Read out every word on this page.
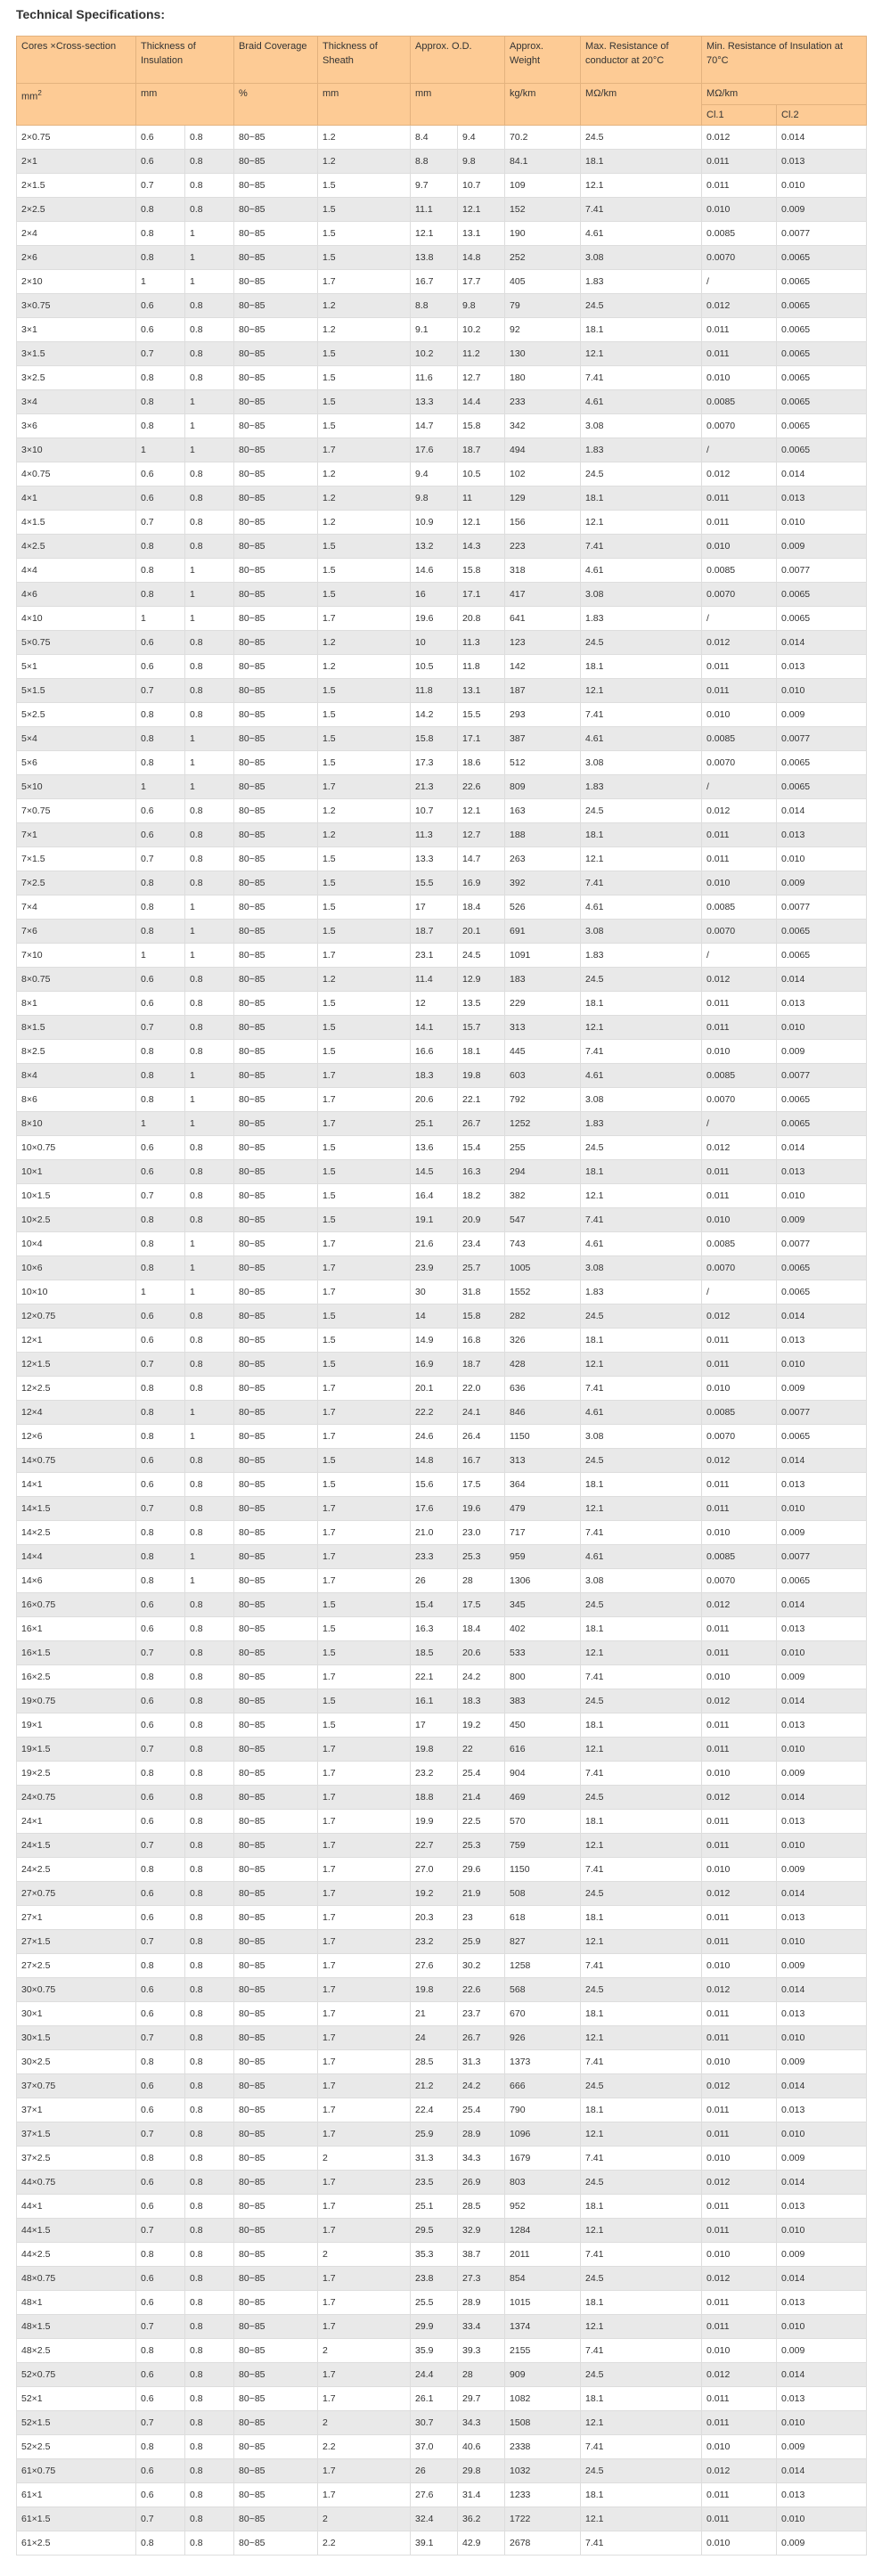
Technical Specifications:
Cores ×Cross-section	Thickness of Insulation		Braid Coverage	Thickness of Sheath	Approx. O.D.		Approx. Weight	Max. Resistance of conductor at 20°C	Min. Resistance of Insulation at 70°C	
$mm^2$	mm		%	mm	mm		kg/km	MΩ/km	MΩ/km	
									Cl.1	Cl.2
2×0.75	0.6	0.8	80~85	1.2	8.4	9.4	70.2	24.5	0.012	0.014
2×1	0.6	0.8	80~85	1.2	8.8	9.8	84.1	18.1	0.011	0.013
2×1.5	0.7	0.8	80~85	1.5	9.7	10.7	109	12.1	0.011	0.010
2×2.5	0.8	0.8	80~85	1.5	11.1	12.1	152	7.41	0.010	0.009
2×4	0.8	1	80~85	1.5	12.1	13.1	190	4.61	0.0085	0.0077
2×6	0.8	1	80~85	1.5	13.8	14.8	252	3.08	0.0070	0.0065
2×10	1	1	80~85	1.7	16.7	17.7	405	1.83	/	0.0065
3×0.75	0.6	0.8	80~85	1.2	8.8	9.8	79	24.5	0.012	0.0065
3×1	0.6	0.8	80~85	1.2	9.1	10.2	92	18.1	0.011	0.0065
3×1.5	0.7	0.8	80~85	1.5	10.2	11.2	130	12.1	0.011	0.0065
3×2.5	0.8	0.8	80~85	1.5	11.6	12.7	180	7.41	0.010	0.0065
3×4	0.8	1	80~85	1.5	13.3	14.4	233	4.61	0.0085	0.0065
3×6	0.8	1	80~85	1.5	14.7	15.8	342	3.08	0.0070	0.0065
3×10	1	1	80~85	1.7	17.6	18.7	494	1.83	/	0.0065
4×0.75	0.6	0.8	80~85	1.2	9.4	10.5	102	24.5	0.012	0.014
4×1	0.6	0.8	80~85	1.2	9.8	11	129	18.1	0.011	0.013
4×1.5	0.7	0.8	80~85	1.2	10.9	12.1	156	12.1	0.011	0.010
4×2.5	0.8	0.8	80~85	1.5	13.2	14.3	223	7.41	0.010	0.009
4×4	0.8	1	80~85	1.5	14.6	15.8	318	4.61	0.0085	0.0077
4×6	0.8	1	80~85	1.5	16	17.1	417	3.08	0.0070	0.0065
4×10	1	1	80~85	1.7	19.6	20.8	641	1.83	/	0.0065
5×0.75	0.6	0.8	80~85	1.2	10	11.3	123	24.5	0.012	0.014
5×1	0.6	0.8	80~85	1.2	10.5	11.8	142	18.1	0.011	0.013
5×1.5	0.7	0.8	80~85	1.5	11.8	13.1	187	12.1	0.011	0.010
5×2.5	0.8	0.8	80~85	1.5	14.2	15.5	293	7.41	0.010	0.009
5×4	0.8	1	80~85	1.5	15.8	17.1	387	4.61	0.0085	0.0077
5×6	0.8	1	80~85	1.5	17.3	18.6	512	3.08	0.0070	0.0065
5×10	1	1	80~85	1.7	21.3	22.6	809	1.83	/	0.0065
7×0.75	0.6	0.8	80~85	1.2	10.7	12.1	163	24.5	0.012	0.014
7×1	0.6	0.8	80~85	1.2	11.3	12.7	188	18.1	0.011	0.013
7×1.5	0.7	0.8	80~85	1.5	13.3	14.7	263	12.1	0.011	0.010
7×2.5	0.8	0.8	80~85	1.5	15.5	16.9	392	7.41	0.010	0.009
7×4	0.8	1	80~85	1.5	17	18.4	526	4.61	0.0085	0.0077
7×6	0.8	1	80~85	1.5	18.7	20.1	691	3.08	0.0070	0.0065
7×10	1	1	80~85	1.7	23.1	24.5	1091	1.83	/	0.0065
8×0.75	0.6	0.8	80~85	1.2	11.4	12.9	183	24.5	0.012	0.014
8×1	0.6	0.8	80~85	1.5	12	13.5	229	18.1	0.011	0.013
8×1.5	0.7	0.8	80~85	1.5	14.1	15.7	313	12.1	0.011	0.010
8×2.5	0.8	0.8	80~85	1.5	16.6	18.1	445	7.41	0.010	0.009
8×4	0.8	1	80~85	1.7	18.3	19.8	603	4.61	0.0085	0.0077
8×6	0.8	1	80~85	1.7	20.6	22.1	792	3.08	0.0070	0.0065
8×10	1	1	80~85	1.7	25.1	26.7	1252	1.83	/	0.0065
10×0.75	0.6	0.8	80~85	1.5	13.6	15.4	255	24.5	0.012	0.014
10×1	0.6	0.8	80~85	1.5	14.5	16.3	294	18.1	0.011	0.013
10×1.5	0.7	0.8	80~85	1.5	16.4	18.2	382	12.1	0.011	0.010
10×2.5	0.8	0.8	80~85	1.5	19.1	20.9	547	7.41	0.010	0.009
10×4	0.8	1	80~85	1.7	21.6	23.4	743	4.61	0.0085	0.0077
10×6	0.8	1	80~85	1.7	23.9	25.7	1005	3.08	0.0070	0.0065
10×10	1	1	80~85	1.7	30	31.8	1552	1.83	/	0.0065
12×0.75	0.6	0.8	80~85	1.5	14	15.8	282	24.5	0.012	0.014
12×1	0.6	0.8	80~85	1.5	14.9	16.8	326	18.1	0.011	0.013
12×1.5	0.7	0.8	80~85	1.5	16.9	18.7	428	12.1	0.011	0.010
12×2.5	0.8	0.8	80~85	1.7	20.1	22.0	636	7.41	0.010	0.009
12×4	0.8	1	80~85	1.7	22.2	24.1	846	4.61	0.0085	0.0077
12×6	0.8	1	80~85	1.7	24.6	26.4	1150	3.08	0.0070	0.0065
14×0.75	0.6	0.8	80~85	1.5	14.8	16.7	313	24.5	0.012	0.014
14×1	0.6	0.8	80~85	1.5	15.6	17.5	364	18.1	0.011	0.013
14×1.5	0.7	0.8	80~85	1.7	17.6	19.6	479	12.1	0.011	0.010
14×2.5	0.8	0.8	80~85	1.7	21.0	23.0	717	7.41	0.010	0.009
14×4	0.8	1	80~85	1.7	23.3	25.3	959	4.61	0.0085	0.0077
14×6	0.8	1	80~85	1.7	26	28	1306	3.08	0.0070	0.0065
16×0.75	0.6	0.8	80~85	1.5	15.4	17.5	345	24.5	0.012	0.014
16×1	0.6	0.8	80~85	1.5	16.3	18.4	402	18.1	0.011	0.013
16×1.5	0.7	0.8	80~85	1.5	18.5	20.6	533	12.1	0.011	0.010
16×2.5	0.8	0.8	80~85	1.7	22.1	24.2	800	7.41	0.010	0.009
19×0.75	0.6	0.8	80~85	1.5	16.1	18.3	383	24.5	0.012	0.014
19×1	0.6	0.8	80~85	1.5	17	19.2	450	18.1	0.011	0.013
19×1.5	0.7	0.8	80~85	1.7	19.8	22	616	12.1	0.011	0.010
19×2.5	0.8	0.8	80~85	1.7	23.2	25.4	904	7.41	0.010	0.009
24×0.75	0.6	0.8	80~85	1.7	18.8	21.4	469	24.5	0.012	0.014
24×1	0.6	0.8	80~85	1.7	19.9	22.5	570	18.1	0.011	0.013
24×1.5	0.7	0.8	80~85	1.7	22.7	25.3	759	12.1	0.011	0.010
24×2.5	0.8	0.8	80~85	1.7	27.0	29.6	1150	7.41	0.010	0.009
27×0.75	0.6	0.8	80~85	1.7	19.2	21.9	508	24.5	0.012	0.014
27×1	0.6	0.8	80~85	1.7	20.3	23	618	18.1	0.011	0.013
27×1.5	0.7	0.8	80~85	1.7	23.2	25.9	827	12.1	0.011	0.010
27×2.5	0.8	0.8	80~85	1.7	27.6	30.2	1258	7.41	0.010	0.009
30×0.75	0.6	0.8	80~85	1.7	19.8	22.6	568	24.5	0.012	0.014
30×1	0.6	0.8	80~85	1.7	21	23.7	670	18.1	0.011	0.013
30×1.5	0.7	0.8	80~85	1.7	24	26.7	926	12.1	0.011	0.010
30×2.5	0.8	0.8	80~85	1.7	28.5	31.3	1373	7.41	0.010	0.009
37×0.75	0.6	0.8	80~85	1.7	21.2	24.2	666	24.5	0.012	0.014
37×1	0.6	0.8	80~85	1.7	22.4	25.4	790	18.1	0.011	0.013
37×1.5	0.7	0.8	80~85	1.7	25.9	28.9	1096	12.1	0.011	0.010
37×2.5	0.8	0.8	80~85	2	31.3	34.3	1679	7.41	0.010	0.009
44×0.75	0.6	0.8	80~85	1.7	23.5	26.9	803	24.5	0.012	0.014
44×1	0.6	0.8	80~85	1.7	25.1	28.5	952	18.1	0.011	0.013
44×1.5	0.7	0.8	80~85	1.7	29.5	32.9	1284	12.1	0.011	0.010
44×2.5	0.8	0.8	80~85	2	35.3	38.7	2011	7.41	0.010	0.009
48×0.75	0.6	0.8	80~85	1.7	23.8	27.3	854	24.5	0.012	0.014
48×1	0.6	0.8	80~85	1.7	25.5	28.9	1015	18.1	0.011	0.013
48×1.5	0.7	0.8	80~85	1.7	29.9	33.4	1374	12.1	0.011	0.010
48×2.5	0.8	0.8	80~85	2	35.9	39.3	2155	7.41	0.010	0.009
52×0.75	0.6	0.8	80~85	1.7	24.4	28	909	24.5	0.012	0.014
52×1	0.6	0.8	80~85	1.7	26.1	29.7	1082	18.1	0.011	0.013
52×1.5	0.7	0.8	80~85	2	30.7	34.3	1508	12.1	0.011	0.010
52×2.5	0.8	0.8	80~85	2.2	37.0	40.6	2338	7.41	0.010	0.009
61×0.75	0.6	0.8	80~85	1.7	26	29.8	1032	24.5	0.012	0.014
61×1	0.6	0.8	80~85	1.7	27.6	31.4	1233	18.1	0.011	0.013
61×1.5	0.7	0.8	80~85	2	32.4	36.2	1722	12.1	0.011	0.010
61×2.5	0.8	0.8	80~85	2.2	39.1	42.9	2678	7.41	0.010	0.009
